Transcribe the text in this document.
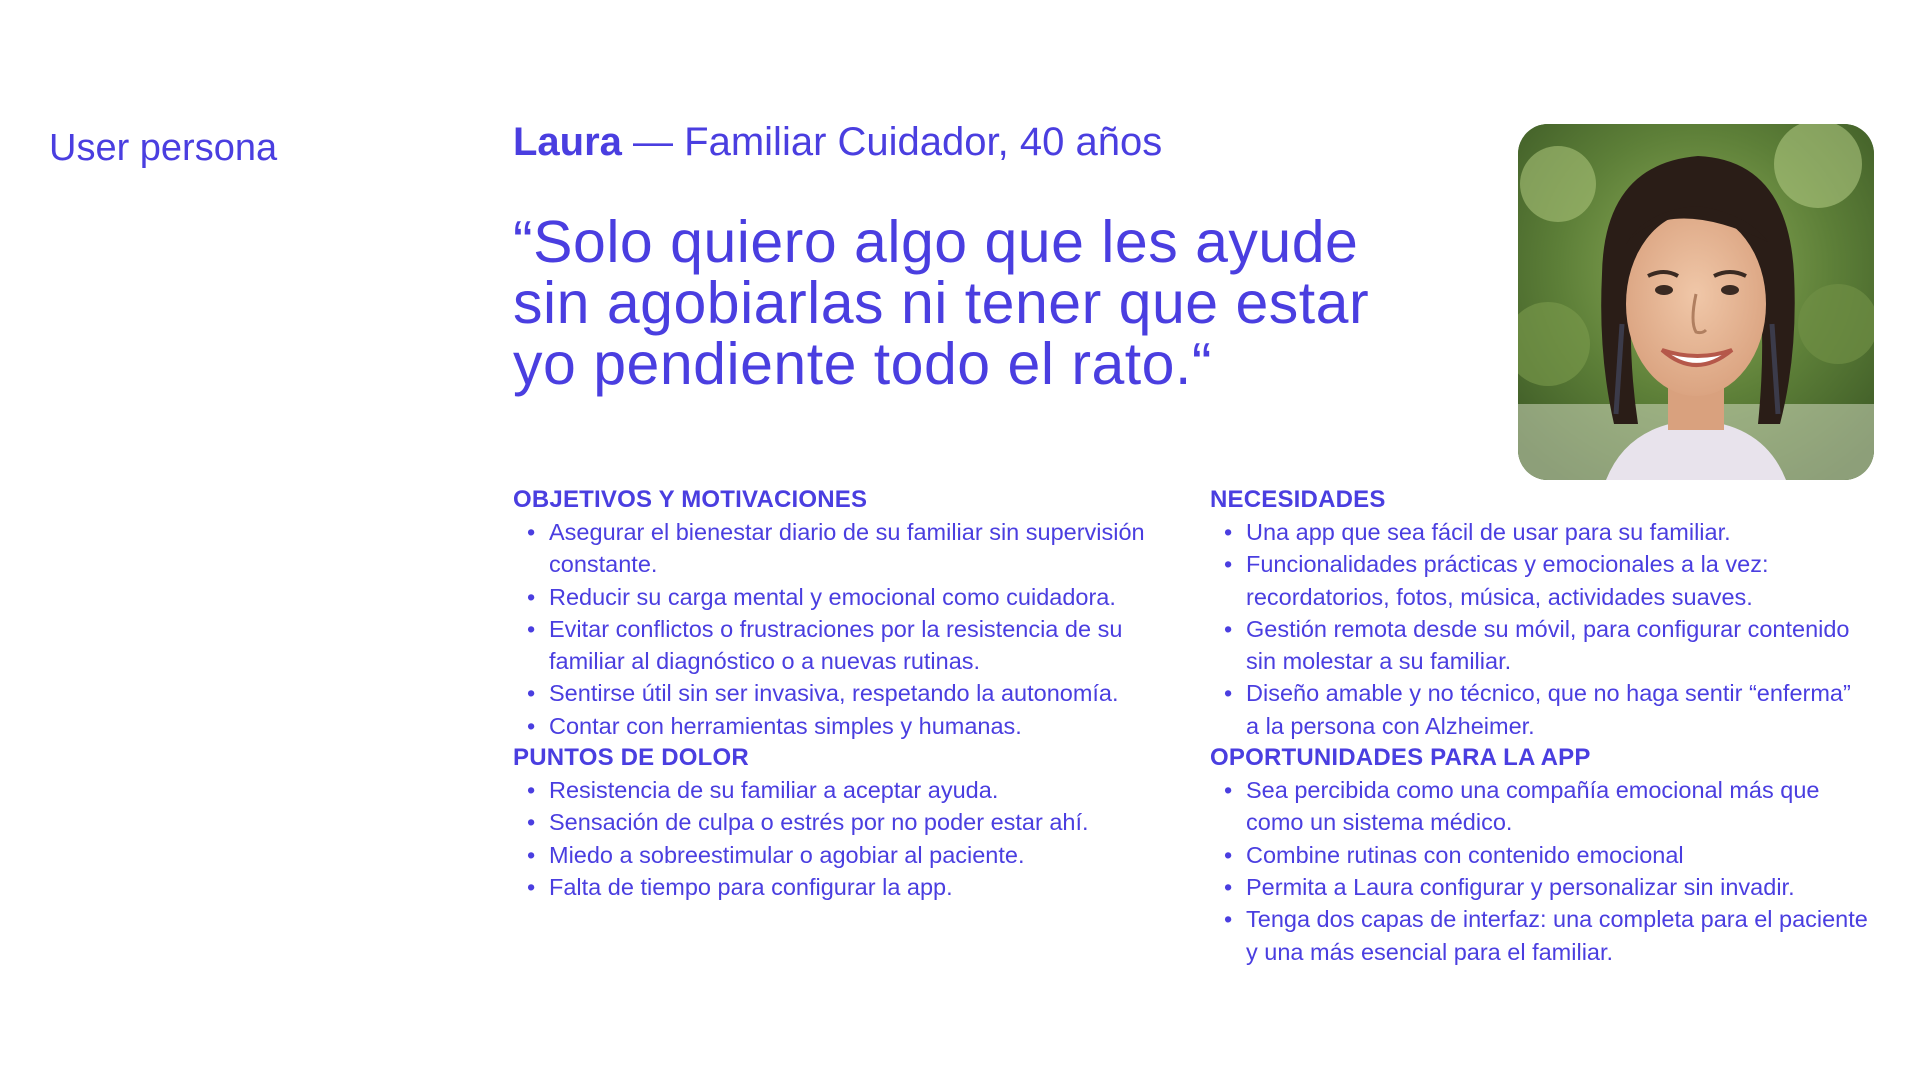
User persona	Laura — Familiar Cuidador, 40 años

“Solo quiero algo que les ayude sin agobiarlas ni tener que estar yo pendiente todo el rato.“

OBJETIVOS Y MOTIVACIONES
• Asegurar el bienestar diario de su familiar sin supervisión constante.
• Reducir su carga mental y emocional como cuidadora.
• Evitar conflictos o frustraciones por la resistencia de su familiar al diagnóstico o a nuevas rutinas.
• Sentirse útil sin ser invasiva, respetando la autonomía.
• Contar con herramientas simples y humanas.
PUNTOS DE DOLOR
• Resistencia de su familiar a aceptar ayuda.
• Sensación de culpa o estrés por no poder estar ahí.
• Miedo a sobreestimular o agobiar al paciente.
• Falta de tiempo para configurar la app.
NECESIDADES
• Una app que sea fácil de usar para su familiar.
• Funcionalidades prácticas y emocionales a la vez: recordatorios, fotos, música, actividades suaves.
• Gestión remota desde su móvil, para configurar contenido sin molestar a su familiar.
• Diseño amable y no técnico, que no haga sentir “enferma” a la persona con Alzheimer.
OPORTUNIDADES PARA LA APP
• Sea percibida como una compañía emocional más que como un sistema médico.
• Combine rutinas con contenido emocional
• Permita a Laura configurar y personalizar sin invadir.
• Tenga dos capas de interfaz: una completa para el paciente y una más esencial para el familiar.
